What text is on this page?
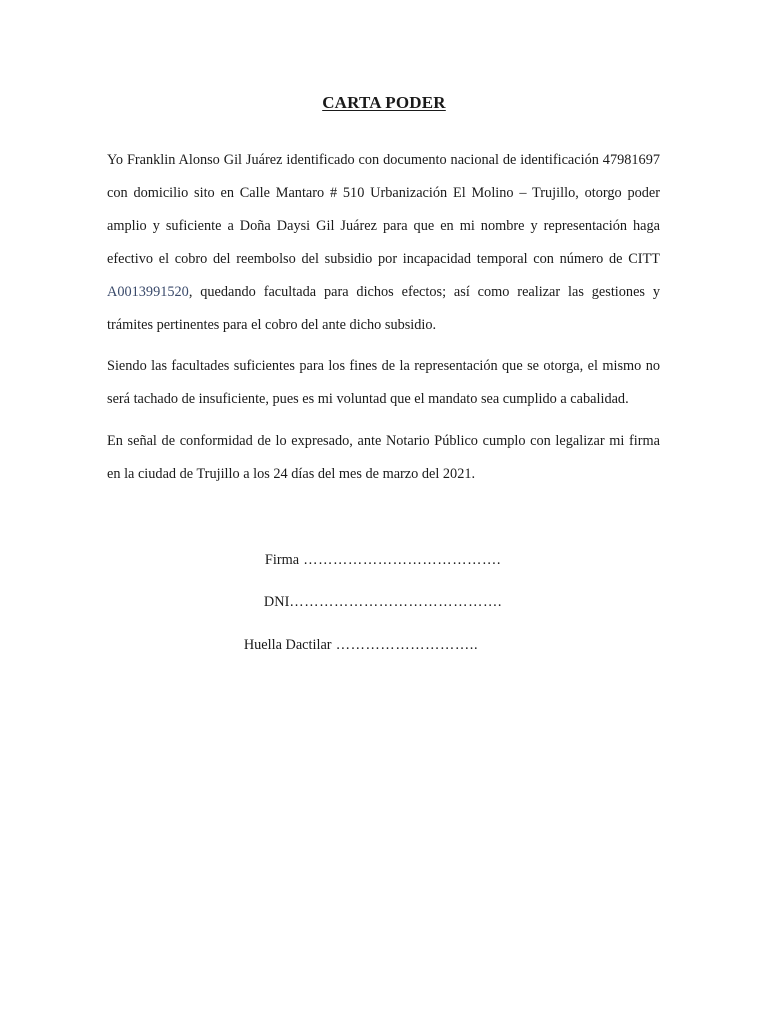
CARTA PODER

Yo Franklin Alonso Gil Juárez identificado con documento nacional de identificación 47981697 con domicilio sito en Calle Mantaro # 510 Urbanización El Molino – Trujillo, otorgo poder amplio y suficiente a Doña Daysi Gil Juárez para que en mi nombre y representación haga efectivo el cobro del reembolso del subsidio por incapacidad temporal con número de CITT A0013991520, quedando facultada para dichos efectos; así como realizar las gestiones y trámites pertinentes para el cobro del ante dicho subsidio.

Siendo las facultades suficientes para los fines de la representación que se otorga, el mismo no será tachado de insuficiente, pues es mi voluntad que el mandato sea cumplido a cabalidad.

En señal de conformidad de lo expresado, ante Notario Público cumplo con legalizar mi firma en la ciudad de Trujillo a los 24 días del mes de marzo del 2021.

Firma ………………………………….
DNI…………………………………….
Huella Dactilar ………………………..
